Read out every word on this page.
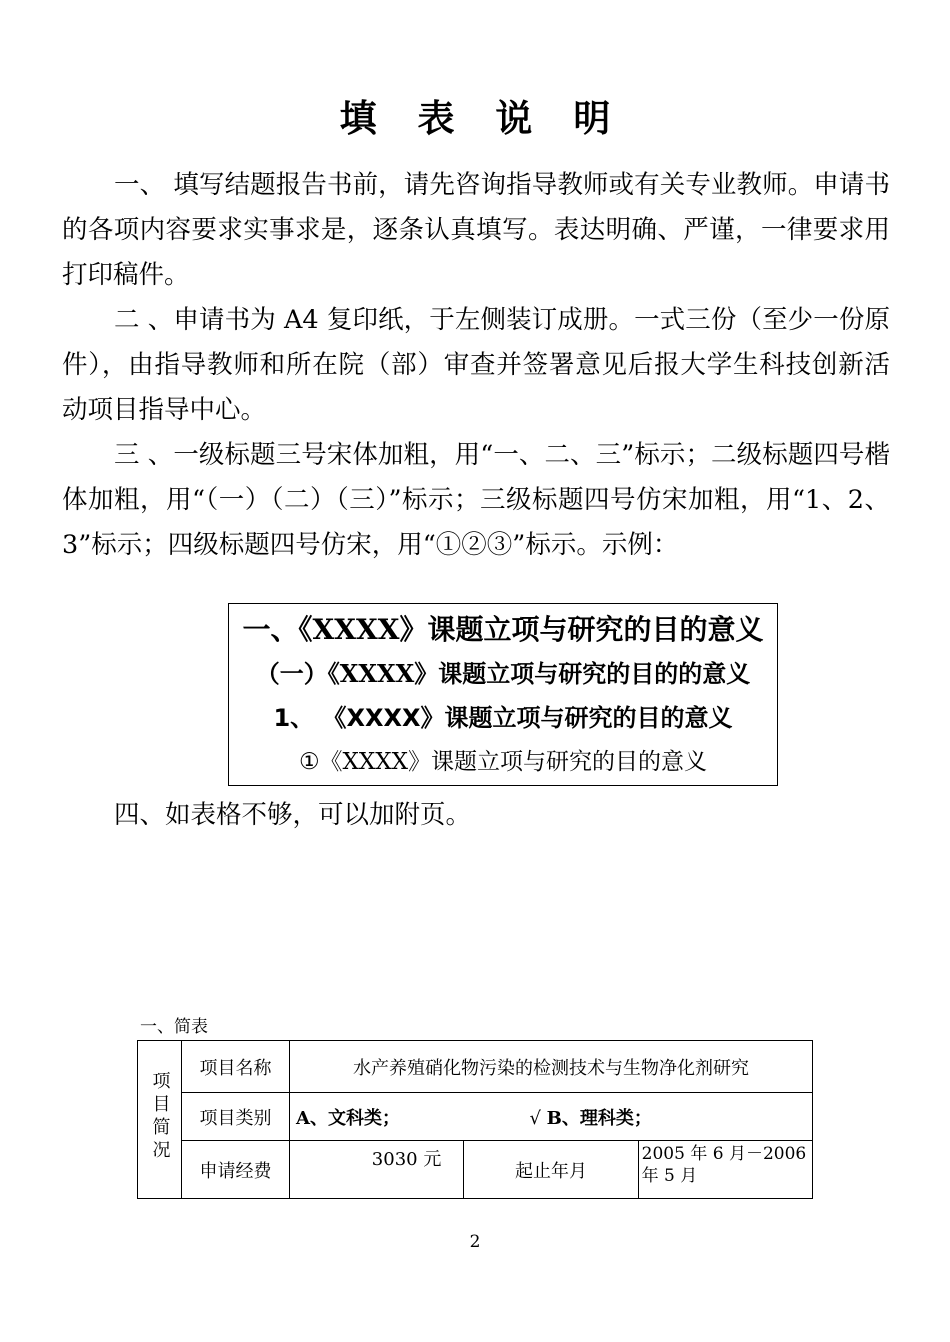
填 表 说 明

一、 填写结题报告书前，请先咨询指导教师或有关专业教师。申请书的各项内容要求实事求是，逐条认真填写。表达明确、严谨，一律要求用打印稿件。

二 、申请书为 A4 复印纸，于左侧装订成册。一式三份（至少一份原件），由指导教师和所在院（部）审查并签署意见后报大学生科技创新活动项目指导中心。

三 、一级标题三号宋体加粗，用“一、二、三”标示；二级标题四号楷体加粗，用“（一）（二）（三）”标示；三级标题四号仿宋加粗，用“1、2、3”标示；四级标题四号仿宋，用“①②③”标示。示例：

一、《XXXX》课题立项与研究的目的意义
（一）《XXXX》课题立项与研究的目的的意义
1、 《XXXX》课题立项与研究的目的意义
①《XXXX》课题立项与研究的目的意义
四、如表格不够，可以加附页。
一、简表
项目简况	项目名称	水产养殖硝化物污染的检测技术与生物净化剂研究		
	项目类别	A、文科类； √ B、理科类；		
	申请经费	3030 元	起止年月	2005 年 6 月－2006 年 5 月
2
